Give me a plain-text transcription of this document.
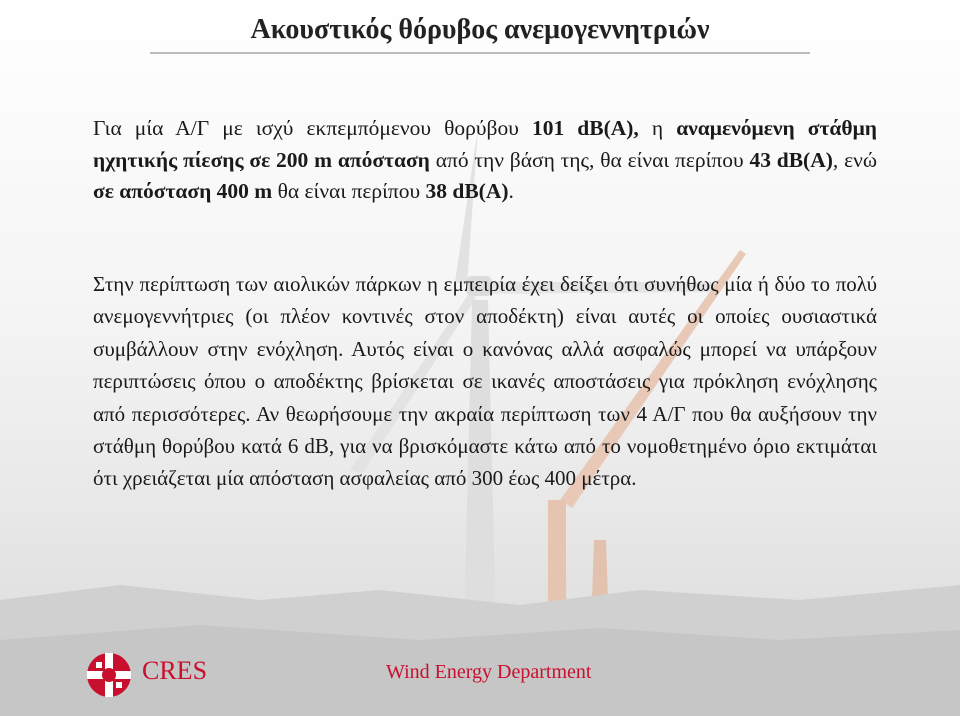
Ακουστικός θόρυβος ανεμογεννητριών
Για μία Α/Γ με ισχύ εκπεμπόμενου θορύβου 101 dB(A), η αναμενόμενη στάθμη ηχητικής πίεσης σε 200 m απόσταση από την βάση της, θα είναι περίπου 43 dB(A), ενώ σε απόσταση 400 m θα είναι περίπου 38 dB(A).
Στην περίπτωση των αιολικών πάρκων η εμπειρία έχει δείξει ότι συνήθως μία ή δύο το πολύ ανεμογεννήτριες (οι πλέον κοντινές στον αποδέκτη) είναι αυτές οι οποίες ουσιαστικά συμβάλλουν στην ενόχληση. Αυτός είναι ο κανόνας αλλά ασφαλώς μπορεί να υπάρξουν περιπτώσεις όπου ο αποδέκτης βρίσκεται σε ικανές αποστάσεις για πρόκληση ενόχλησης από περισσότερες. Αν θεωρήσουμε την ακραία περίπτωση των 4 Α/Γ που θα αυξήσουν την στάθμη θορύβου κατά 6 dB, για να βρισκόμαστε κάτω από το νομοθετημένο όριο εκτιμάται ότι χρειάζεται μία απόσταση ασφαλείας από 300 έως 400 μέτρα.
CRES	Wind Energy Department
